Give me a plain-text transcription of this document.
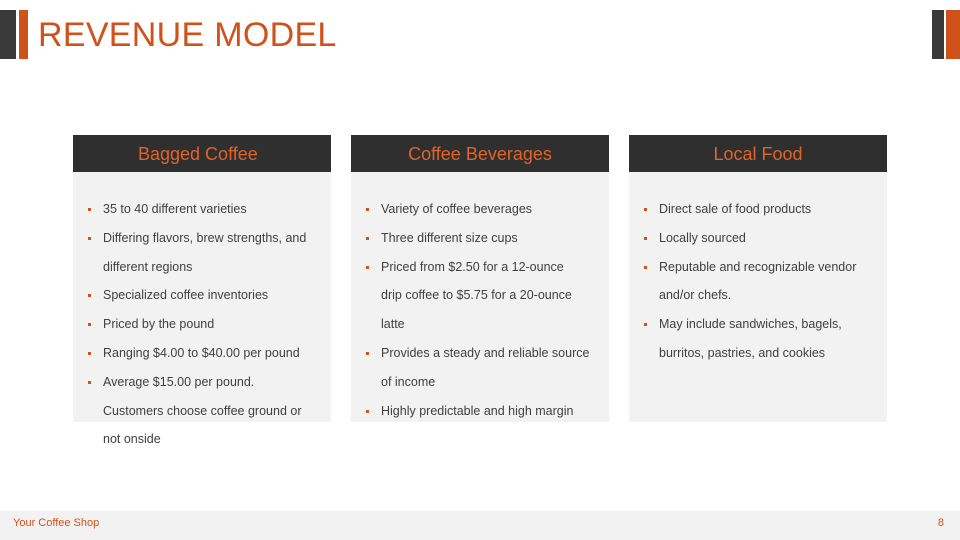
REVENUE MODEL
Bagged Coffee
35 to 40 different varieties
Differing flavors, brew strengths, and
different regions
Specialized coffee inventories
Priced by the pound
Ranging $4.00 to $40.00 per pound
Average $15.00 per pound.
Customers choose coffee ground or
not onside
Coffee Beverages
Variety of coffee beverages
Three different size cups
Priced from $2.50 for a 12-ounce
drip coffee to $5.75 for a 20-ounce
latte
Provides a steady and reliable source
of income
Highly predictable and high margin
Local Food
Direct sale of food products
Locally sourced
Reputable and recognizable vendor
and/or chefs.
May include sandwiches, bagels,
burritos, pastries, and cookies
Your Coffee Shop	8
